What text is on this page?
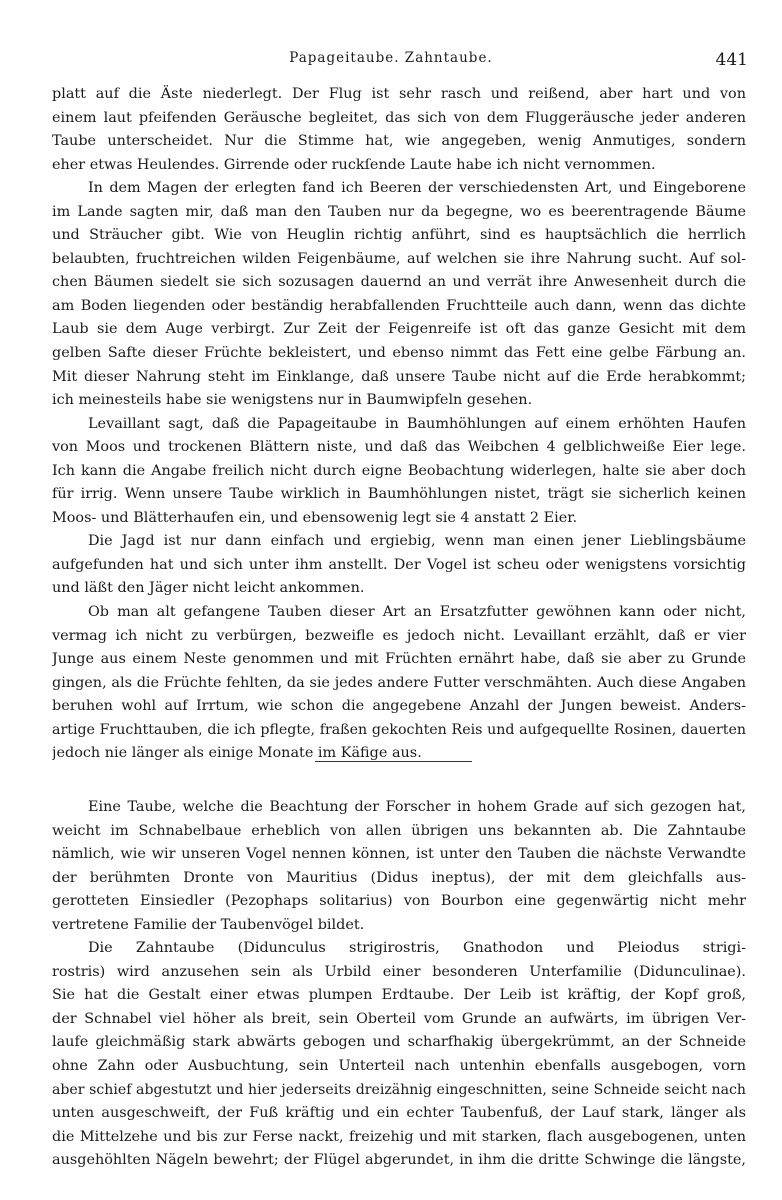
Papageitaube. Zahntaube.	441
platt auf die Äste niederlegt. Der Flug ist sehr rasch und reißend, aber hart und von
einem laut pfeifenden Geräusche begleitet, das sich von dem Fluggeräusche jeder anderen
Taube unterscheidet. Nur die Stimme hat, wie angegeben, wenig Anmutiges, sondern
eher etwas Heulendes. Girrende oder ruckſende Laute habe ich nicht vernommen.
In dem Magen der erlegten fand ich Beeren der verschiedensten Art, und Eingeborene
im Lande sagten mir, daß man den Tauben nur da begegne, wo es beerentragende Bäume
und Sträucher gibt. Wie von Heuglin richtig anführt, sind es hauptsächlich die herrlich
belaubten, fruchtreichen wilden Feigenbäume, auf welchen sie ihre Nahrung sucht. Auf sol-
chen Bäumen siedelt sie sich sozusagen dauernd an und verrät ihre Anwesenheit durch die
am Boden liegenden oder beständig herabfallenden Fruchtteile auch dann, wenn das dichte
Laub sie dem Auge verbirgt. Zur Zeit der Feigenreife ist oft das ganze Gesicht mit dem
gelben Safte dieser Früchte bekleistert, und ebenso nimmt das Fett eine gelbe Färbung an.
Mit dieser Nahrung steht im Einklange, daß unsere Taube nicht auf die Erde herabkommt;
ich meinesteils habe sie wenigstens nur in Baumwipfeln gesehen.
Levaillant sagt, daß die Papageitaube in Baumhöhlungen auf einem erhöhten Haufen
von Moos und trockenen Blättern niste, und daß das Weibchen 4 gelblichweiße Eier lege.
Ich kann die Angabe freilich nicht durch eigne Beobachtung widerlegen, halte sie aber doch
für irrig. Wenn unsere Taube wirklich in Baumhöhlungen nistet, trägt sie sicherlich keinen
Moos- und Blätterhaufen ein, und ebensowenig legt sie 4 anstatt 2 Eier.
Die Jagd ist nur dann einfach und ergiebig, wenn man einen jener Lieblingsbäume
aufgefunden hat und sich unter ihm anstellt. Der Vogel ist scheu oder wenigstens vorsichtig
und läßt den Jäger nicht leicht ankommen.
Ob man alt gefangene Tauben dieser Art an Ersatzfutter gewöhnen kann oder nicht,
vermag ich nicht zu verbürgen, bezweifle es jedoch nicht. Levaillant erzählt, daß er vier
Junge aus einem Neste genommen und mit Früchten ernährt habe, daß sie aber zu Grunde
gingen, als die Früchte fehlten, da sie jedes andere Futter verschmähten. Auch diese Angaben
beruhen wohl auf Irrtum, wie schon die angegebene Anzahl der Jungen beweist. Anders-
artige Fruchttauben, die ich pflegte, fraßen gekochten Reis und aufgequellte Rosinen, dauerten
jedoch nie länger als einige Monate im Käfige aus.
Eine Taube, welche die Beachtung der Forscher in hohem Grade auf sich gezogen hat,
weicht im Schnabelbaue erheblich von allen übrigen uns bekannten ab. Die Zahntaube
nämlich, wie wir unseren Vogel nennen können, ist unter den Tauben die nächste Verwandte
der berühmten Dronte von Mauritius (Didus ineptus), der mit dem gleichfalls aus-
gerotteten Einsiedler (Pezophaps solitarius) von Bourbon eine gegenwärtig nicht mehr
vertretene Familie der Taubenvögel bildet.
Die Zahntaube (Didunculus strigirostris, Gnathodon und Pleiodus strigi-
rostris) wird anzusehen sein als Urbild einer besonderen Unterfamilie (Didunculinae).
Sie hat die Gestalt einer etwas plumpen Erdtaube. Der Leib ist kräftig, der Kopf groß,
der Schnabel viel höher als breit, sein Oberteil vom Grunde an aufwärts, im übrigen Ver-
laufe gleichmäßig stark abwärts gebogen und scharfhakig übergekrümmt, an der Schneide
ohne Zahn oder Ausbuchtung, sein Unterteil nach untenhin ebenfalls ausgebogen, vorn
aber schief abgestutzt und hier jederseits dreizähnig eingeschnitten, seine Schneide seicht nach
unten ausgeschweift, der Fuß kräftig und ein echter Taubenfuß, der Lauf stark, länger als
die Mittelzehe und bis zur Ferse nackt, freizehig und mit starken, flach ausgebogenen, unten
ausgehöhlten Nägeln bewehrt; der Flügel abgerundet, in ihm die dritte Schwinge die längste,
